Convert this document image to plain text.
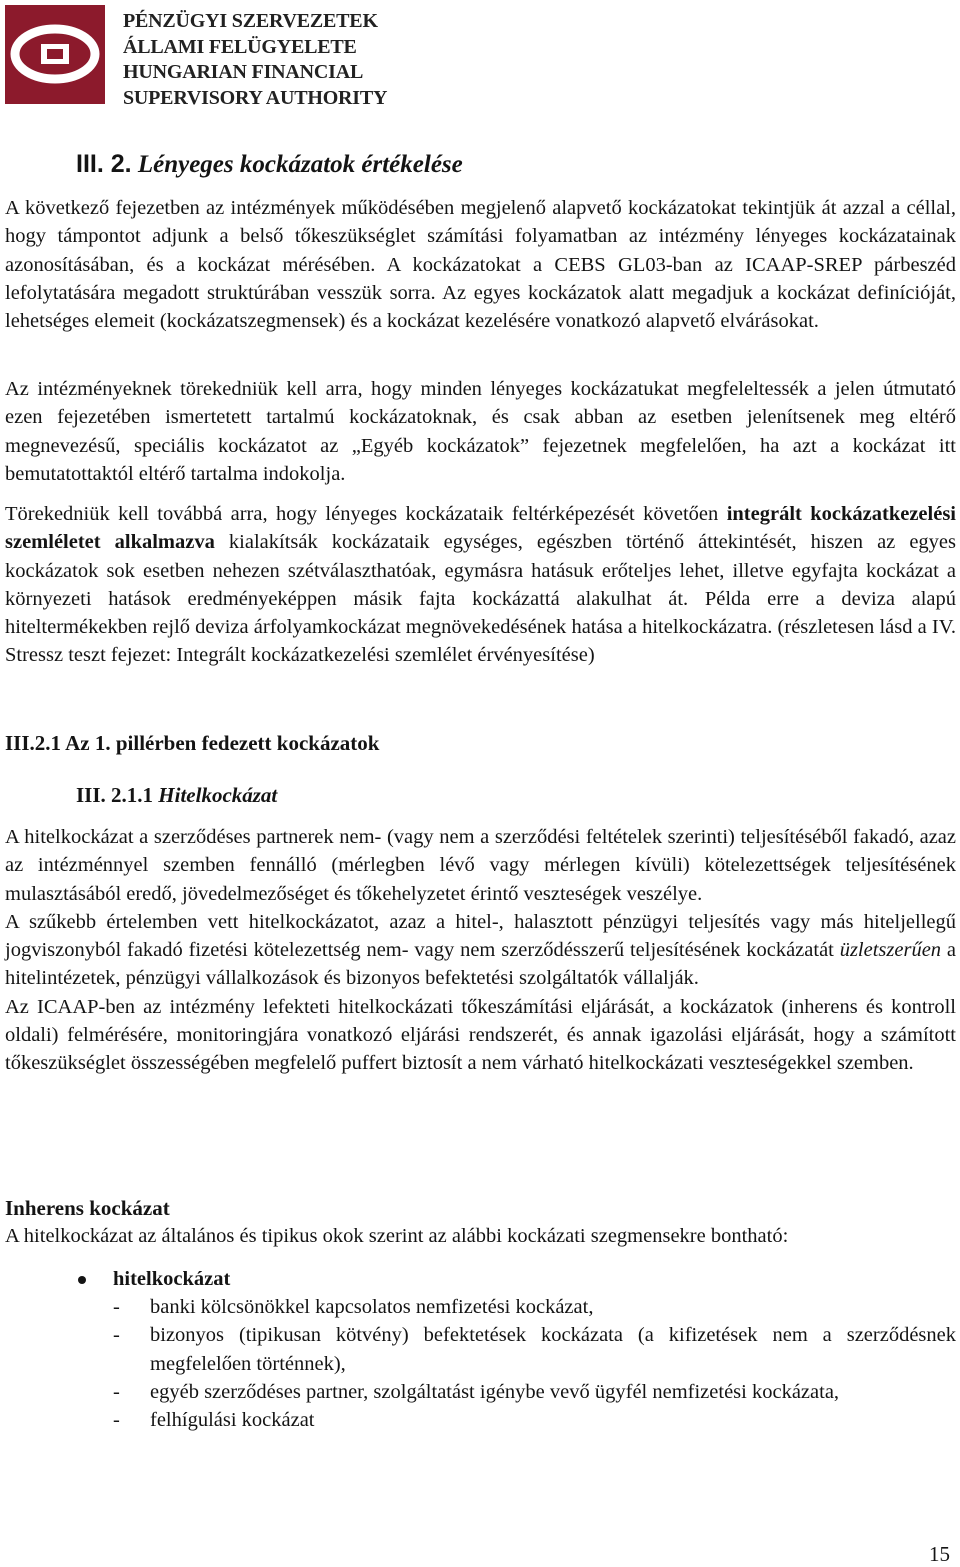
PÉNZÜGYI SZERVEZETEK
ÁLLAMI FELÜGYELETE
HUNGARIAN FINANCIAL
SUPERVISORY AUTHORITY
III. 2. Lényeges kockázatok értékelése

A következő fejezetben az intézmények működésében megjelenő alapvető kockázatokat tekintjük át azzal a céllal, hogy támpontot adjunk a belső tőkeszükséglet számítási folyamatban az intézmény lényeges kockázatainak azonosításában, és a kockázat mérésében. A kockázatokat a CEBS GL03-ban az ICAAP-SREP párbeszéd lefolytatására megadott struktúrában vesszük sorra. Az egyes kockázatok alatt megadjuk a kockázat definícióját, lehetséges elemeit (kockázatszegmensek) és a kockázat kezelésére vonatkozó alapvető elvárásokat.

Az intézményeknek törekedniük kell arra, hogy minden lényeges kockázatukat megfeleltessék a jelen útmutató ezen fejezetében ismertetett tartalmú kockázatoknak, és csak abban az esetben jelenítsenek meg eltérő megnevezésű, speciális kockázatot az „Egyéb kockázatok” fejezetnek megfelelően, ha azt a kockázat itt bemutatottaktól eltérő tartalma indokolja.

Törekedniük kell továbbá arra, hogy lényeges kockázataik feltérképezését követően integrált kockázatkezelési szemléletet alkalmazva kialakítsák kockázataik egységes, egészben történő áttekintését, hiszen az egyes kockázatok sok esetben nehezen szétválaszthatóak, egymásra hatásuk erőteljes lehet, illetve egyfajta kockázat a környezeti hatások eredményeképpen másik fajta kockázattá alakulhat át. Példa erre a deviza alapú hiteltermékekben rejlő deviza árfolyamkockázat megnövekedésének hatása a hitelkockázatra. (részletesen lásd a IV. Stressz teszt fejezet: Integrált kockázatkezelési szemlélet érvényesítése)

III.2.1 Az 1. pillérben fedezett kockázatok
III. 2.1.1 Hitelkockázat

A hitelkockázat a szerződéses partnerek nem- (vagy nem a szerződési feltételek szerinti) teljesítéséből fakadó, azaz az intézménnyel szemben fennálló (mérlegben lévő vagy mérlegen kívüli) kötelezettségek teljesítésének mulasztásából eredő, jövedelmezőséget és tőkehelyzetet érintő veszteségek veszélye.

A szűkebb értelemben vett hitelkockázatot, azaz a hitel-, halasztott pénzügyi teljesítés vagy más hiteljellegű jogviszonyból fakadó fizetési kötelezettség nem- vagy nem szerződésszerű teljesítésének kockázatát üzletszerűen a hitelintézetek, pénzügyi vállalkozások és bizonyos befektetési szolgáltatók vállalják.

Az ICAAP-ben az intézmény lefekteti hitelkockázati tőkeszámítási eljárását, a kockázatok (inherens és kontroll oldali) felmérésére, monitoringjára vonatkozó eljárási rendszerét, és annak igazolási eljárását, hogy a számított tőkeszükséglet összességében megfelelő puffert biztosít a nem várható hitelkockázati veszteségekkel szemben.

Inherens kockázat

A hitelkockázat az általános és tipikus okok szerint az alábbi kockázati szegmensekre bontható:

hitelkockázat
- banki kölcsönökkel kapcsolatos nemfizetési kockázat,
- bizonyos (tipikusan kötvény) befektetések kockázata (a kifizetések nem a szerződésnek megfelelően történnek),
- egyéb szerződéses partner, szolgáltatást igénybe vevő ügyfél nemfizetési kockázata,
- felhígulási kockázat
15
